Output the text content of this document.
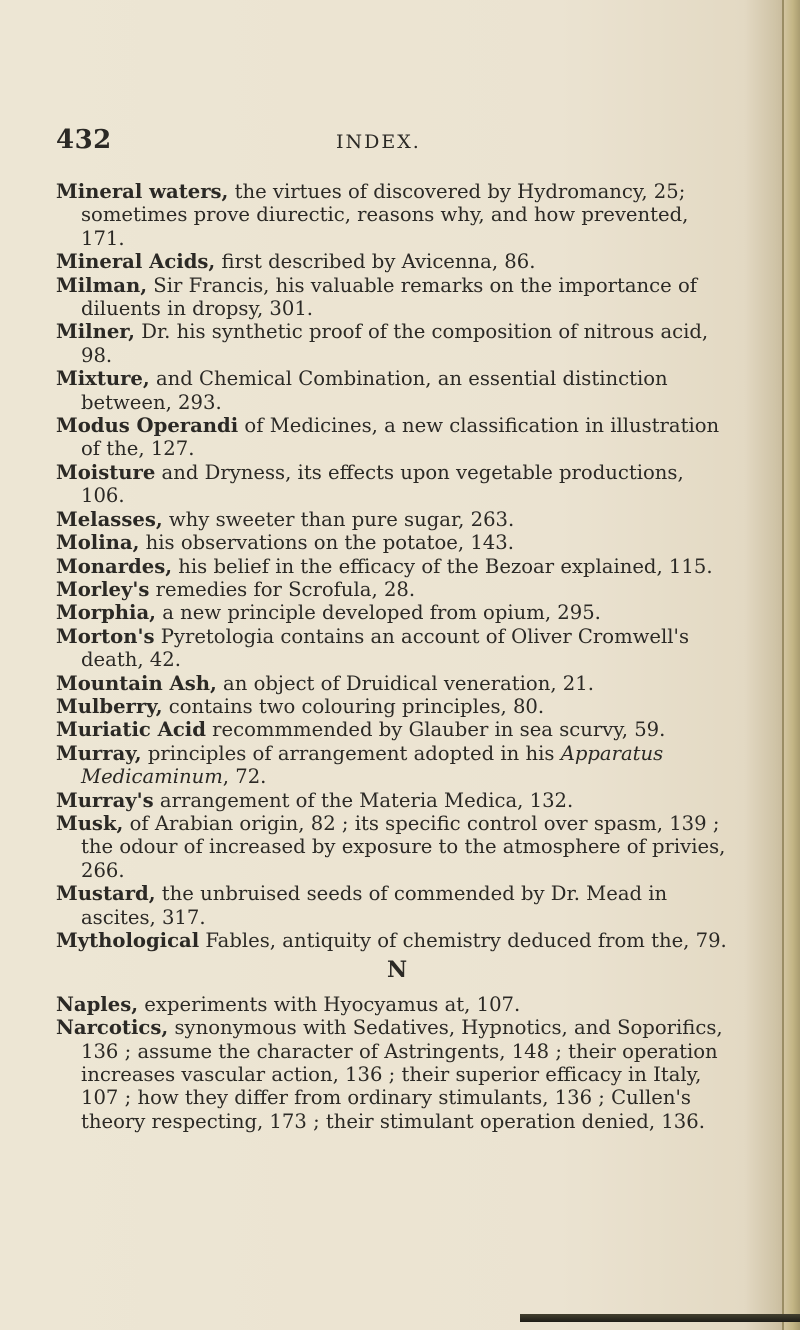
432	INDEX.

Mineral waters, the virtues of discovered by Hydromancy, 25; sometimes prove diurectic, reasons why, and how prevented, 171.

Mineral Acids, first described by Avicenna, 86.

Milman, Sir Francis, his valuable remarks on the importance of diluents in dropsy, 301.

Milner, Dr. his synthetic proof of the composition of nitrous acid, 98.

Mixture, and Chemical Combination, an essential distinction between, 293.

Modus Operandi of Medicines, a new classification in illustration of the, 127.

Moisture and Dryness, its effects upon vegetable productions, 106.

Melasses, why sweeter than pure sugar, 263.

Molina, his observations on the potatoe, 143.

Monardes, his belief in the efficacy of the Bezoar explained, 115.

Morley's remedies for Scrofula, 28.

Morphia, a new principle developed from opium, 295.

Morton's Pyretologia contains an account of Oliver Cromwell's death, 42.

Mountain Ash, an object of Druidical veneration, 21.

Mulberry, contains two colouring principles, 80.

Muriatic Acid recommmended by Glauber in sea scurvy, 59.

Murray, principles of arrangement adopted in his Apparatus Medicaminum, 72.

Murray's arrangement of the Materia Medica, 132.

Musk, of Arabian origin, 82 ; its specific control over spasm, 139 ; the odour of increased by exposure to the atmosphere of privies, 266.

Mustard, the unbruised seeds of commended by Dr. Mead in ascites, 317.

Mythological Fables, antiquity of chemistry deduced from the, 79.

N

Naples, experiments with Hyocyamus at, 107.

Narcotics, synonymous with Sedatives, Hypnotics, and Soporifics, 136 ; assume the character of Astringents, 148 ; their operation increases vascular action, 136 ; their superior efficacy in Italy, 107 ; how they differ from ordinary stimulants, 136 ; Cullen's theory respecting, 173 ; their stimulant operation denied, 136.
